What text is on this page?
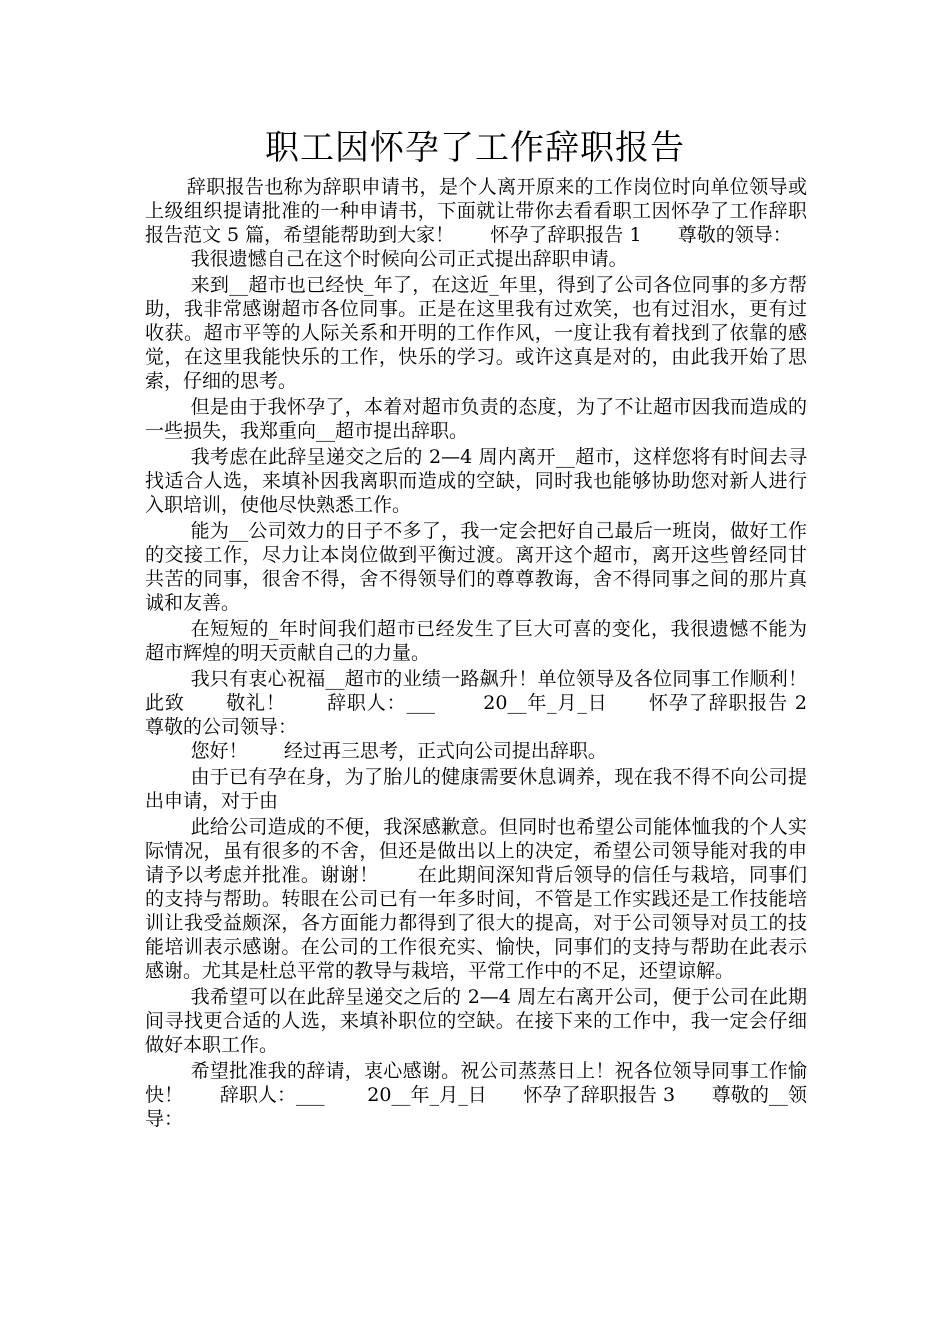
职工因怀孕了工作辞职报告

辞职报告也称为辞职申请书，是个人离开原来的工作岗位时向单位领导或上级组织提请批准的一种申请书，下面就让带你去看看职工因怀孕了工作辞职报告范文 5 篇，希望能帮助到大家！      怀孕了辞职报告 1      尊敬的领导：

我很遗憾自己在这个时候向公司正式提出辞职申请。

来到__超市也已经快_年了，在这近_年里，得到了公司各位同事的多方帮助，我非常感谢超市各位同事。正是在这里我有过欢笑，也有过泪水，更有过收获。超市平等的人际关系和开明的工作作风，一度让我有着找到了依靠的感觉，在这里我能快乐的工作，快乐的学习。或许这真是对的，由此我开始了思索，仔细的思考。

但是由于我怀孕了，本着对超市负责的态度，为了不让超市因我而造成的一些损失，我郑重向__超市提出辞职。

我考虑在此辞呈递交之后的 2—4 周内离开__超市，这样您将有时间去寻找适合人选，来填补因我离职而造成的空缺，同时我也能够协助您对新人进行入职培训，使他尽快熟悉工作。

能为__公司效力的日子不多了，我一定会把好自己最后一班岗，做好工作的交接工作，尽力让本岗位做到平衡过渡。离开这个超市，离开这些曾经同甘共苦的同事，很舍不得，舍不得领导们的尊尊教诲，舍不得同事之间的那片真诚和友善。

在短短的_年时间我们超市已经发生了巨大可喜的变化，我很遗憾不能为超市辉煌的明天贡献自己的力量。

我只有衷心祝福__超市的业绩一路飙升！单位领导及各位同事工作顺利！      此致      敬礼！      辞职人：___       20__年_月_日      怀孕了辞职报告 2      尊敬的公司领导：

您好！      经过再三思考，正式向公司提出辞职。

由于已有孕在身，为了胎儿的健康需要休息调养，现在我不得不向公司提出申请，对于由

此给公司造成的不便，我深感歉意。但同时也希望公司能体恤我的个人实际情况，虽有很多的不舍，但还是做出以上的决定，希望公司领导能对我的申请予以考虑并批准。谢谢！      在此期间深知背后领导的信任与栽培，同事们的支持与帮助。转眼在公司已有一年多时间，不管是工作实践还是工作技能培训让我受益颇深，各方面能力都得到了很大的提高，对于公司领导对员工的技能培训表示感谢。在公司的工作很充实、愉快，同事们的支持与帮助在此表示感谢。尤其是杜总平常的教导与栽培，平常工作中的不足，还望谅解。

我希望可以在此辞呈递交之后的 2—4 周左右离开公司，便于公司在此期间寻找更合适的人选，来填补职位的空缺。在接下来的工作中，我一定会仔细做好本职工作。

希望批准我的辞请，衷心感谢。祝公司蒸蒸日上！祝各位领导同事工作愉快！      辞职人：___       20__年_月_日      怀孕了辞职报告 3      尊敬的__领导：
